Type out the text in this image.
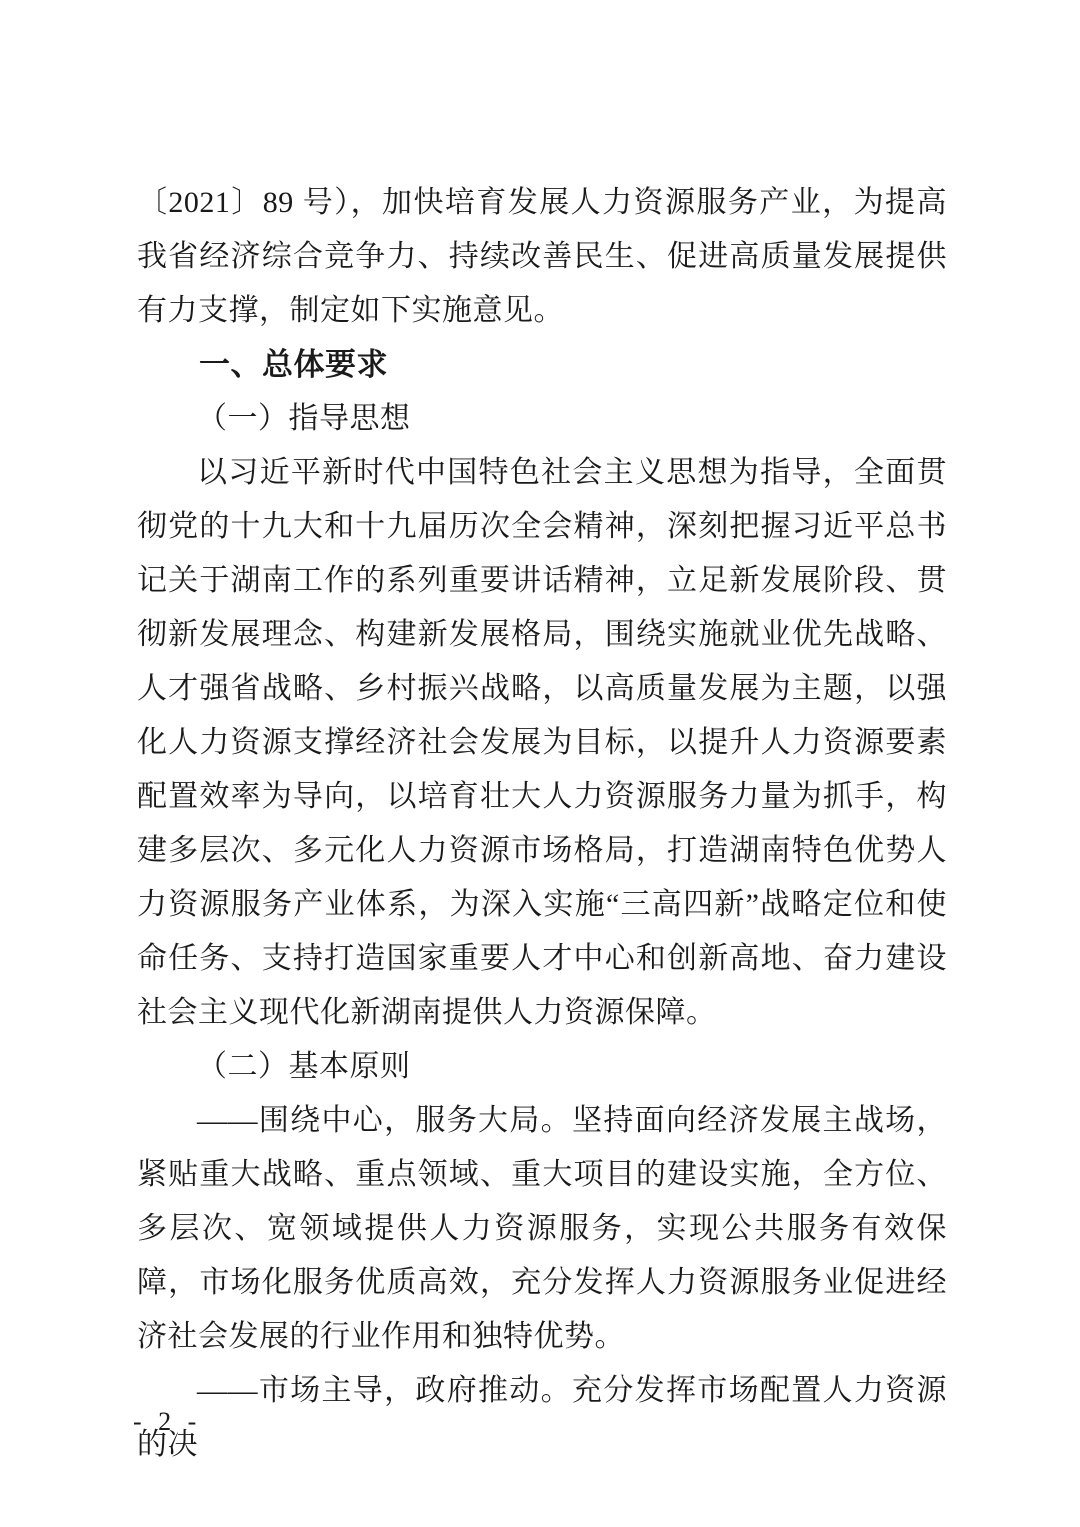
〔2021〕89 号），加快培育发展人力资源服务产业，为提高我省经济综合竞争力、持续改善民生、促进高质量发展提供有力支撑，制定如下实施意见。

一、总体要求
（一）指导思想

以习近平新时代中国特色社会主义思想为指导，全面贯彻党的十九大和十九届历次全会精神，深刻把握习近平总书记关于湖南工作的系列重要讲话精神，立足新发展阶段、贯彻新发展理念、构建新发展格局，围绕实施就业优先战略、人才强省战略、乡村振兴战略，以高质量发展为主题，以强化人力资源支撑经济社会发展为目标，以提升人力资源要素配置效率为导向，以培育壮大人力资源服务力量为抓手，构建多层次、多元化人力资源市场格局，打造湖南特色优势人力资源服务产业体系，为深入实施“三高四新”战略定位和使命任务、支持打造国家重要人才中心和创新高地、奋力建设社会主义现代化新湖南提供人力资源保障。

（二）基本原则

——围绕中心，服务大局。坚持面向经济发展主战场，紧贴重大战略、重点领域、重大项目的建设实施，全方位、多层次、宽领域提供人力资源服务，实现公共服务有效保障，市场化服务优质高效，充分发挥人力资源服务业促进经济社会发展的行业作用和独特优势。

——市场主导，政府推动。充分发挥市场配置人力资源的决

- 2 -
